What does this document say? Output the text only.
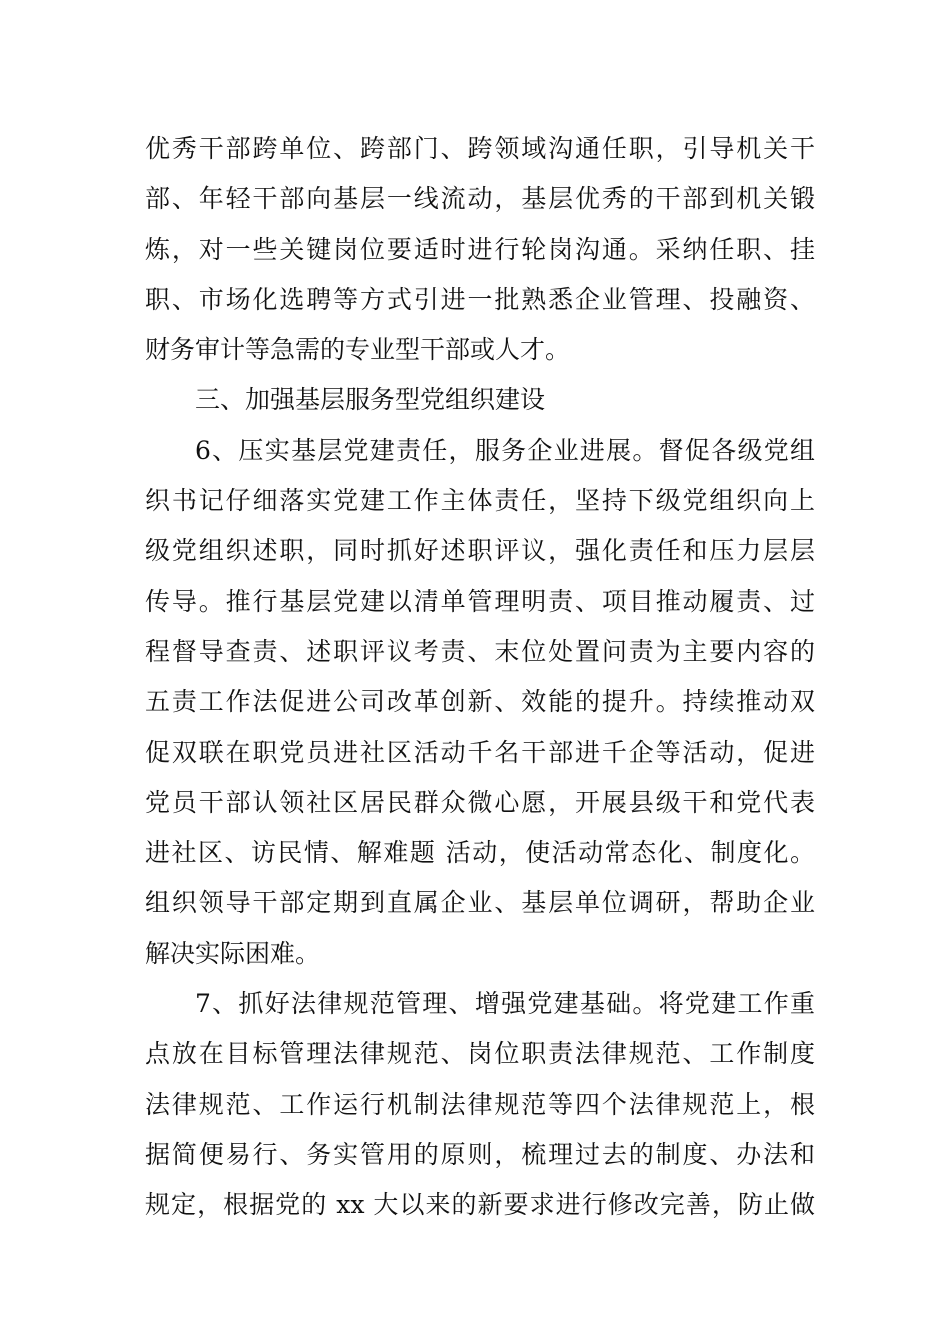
优秀干部跨单位、跨部门、跨领域沟通任职，引导机关干
部、年轻干部向基层一线流动，基层优秀的干部到机关锻
炼，对一些关键岗位要适时进行轮岗沟通。采纳任职、挂
职、市场化选聘等方式引进一批熟悉企业管理、投融资、
财务审计等急需的专业型干部或人才。
三、加强基层服务型党组织建设
6、压实基层党建责任，服务企业进展。督促各级党组
织书记仔细落实党建工作主体责任，坚持下级党组织向上
级党组织述职，同时抓好述职评议，强化责任和压力层层
传导。推行基层党建以清单管理明责、项目推动履责、过
程督导查责、述职评议考责、末位处置问责为主要内容的
五责工作法促进公司改革创新、效能的提升。持续推动双
促双联在职党员进社区活动千名干部进千企等活动，促进
党员干部认领社区居民群众微心愿，开展县级干和党代表
进社区、访民情、解难题 活动，使活动常态化、制度化。
组织领导干部定期到直属企业、基层单位调研，帮助企业
解决实际困难。
7、抓好法律规范管理、增强党建基础。将党建工作重
点放在目标管理法律规范、岗位职责法律规范、工作制度
法律规范、工作运行机制法律规范等四个法律规范上，根
据简便易行、务实管用的原则，梳理过去的制度、办法和
规定，根据党的 xx 大以来的新要求进行修改完善，防止做
